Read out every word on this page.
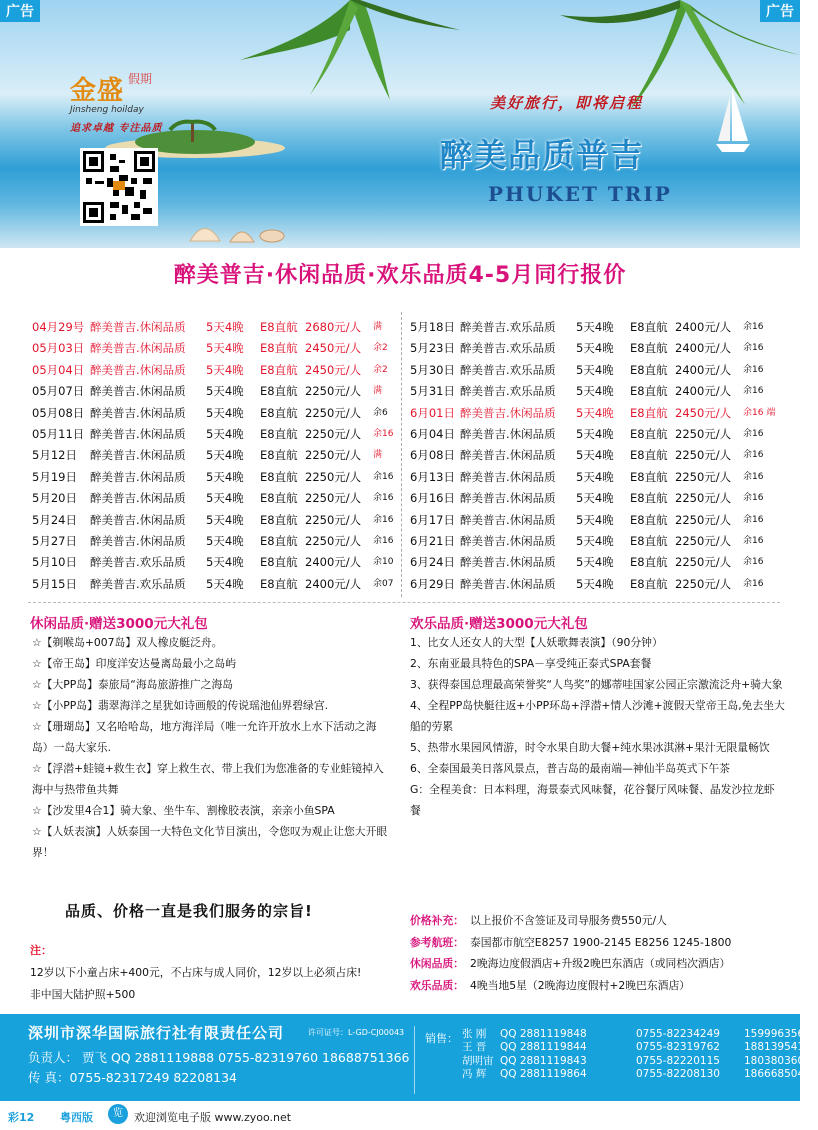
金盛 $^{假期}$
Jinsheng hoilday
追求卓越 专注品质
美好旅行，即将启程
醉美品质普吉
PHUKET TRIP
广告	广告
醉美普吉·休闲品质·欢乐品质4-5月同行报价
04月29号 醉美普吉.休闲品质	5天4晚	E8直航 2680元/人	满
05月03日 醉美普吉.休闲品质	5天4晚	E8直航 2450元/人	余2
05月04日 醉美普吉.休闲品质	5天4晚	E8直航 2450元/人	余2
05月07日 醉美普吉.休闲品质	5天4晚	E8直航 2250元/人	满
05月08日 醉美普吉.休闲品质	5天4晚	E8直航 2250元/人	余6
05月11日 醉美普吉.休闲品质	5天4晚	E8直航 2250元/人	余16
5月12日	醉美普吉.休闲品质	5天4晚	E8直航 2250元/人	满
5月19日	醉美普吉.休闲品质	5天4晚	E8直航 2250元/人	余16
5月20日	醉美普吉.休闲品质	5天4晚	E8直航 2250元/人	余16
5月24日	醉美普吉.休闲品质	5天4晚	E8直航 2250元/人	余16
5月27日	醉美普吉.休闲品质	5天4晚	E8直航 2250元/人	余16
5月10日	醉美普吉.欢乐品质	5天4晚	E8直航 2400元/人	余10
5月15日	醉美普吉.欢乐品质	5天4晚	E8直航 2400元/人	余07
5月18日 醉美普吉.欢乐品质	5天4晚	E8直航 2400元/人	余16
5月23日 醉美普吉.欢乐品质	5天4晚	E8直航 2400元/人	余16
5月30日 醉美普吉.欢乐品质	5天4晚	E8直航 2400元/人	余16
5月31日 醉美普吉.欢乐品质	5天4晚	E8直航 2400元/人	余16
6月01日 醉美普吉.休闲品质	5天4晚	E8直航 2450元/人	余16 端
6月04日 醉美普吉.休闲品质	5天4晚	E8直航 2250元/人	余16
6月08日 醉美普吉.休闲品质	5天4晚	E8直航 2250元/人	余16
6月13日 醉美普吉.休闲品质	5天4晚	E8直航 2250元/人	余16
6月16日 醉美普吉.休闲品质	5天4晚	E8直航 2250元/人	余16
6月17日 醉美普吉.休闲品质	5天4晚	E8直航 2250元/人	余16
6月21日 醉美普吉.休闲品质	5天4晚	E8直航 2250元/人	余16
6月24日 醉美普吉.休闲品质	5天4晚	E8直航 2250元/人	余16
6月29日 醉美普吉.休闲品质	5天4晚	E8直航 2250元/人	余16
休闲品质·赠送3000元大礼包	欢乐品质·赠送3000元大礼包

☆【剃喉岛+007岛】双人橡皮艇泛舟。

☆【帝王岛】印度洋安达曼离岛最小之岛屿

☆【大PP岛】泰旅局“海岛旅游推广之海岛

☆【小PP岛】翡翠海洋之星犹如诗画般的传说瑶池仙界碧绿宫.

☆【珊瑚岛】又名哈哈岛，地方海洋局（唯一允许开放水上水下活动之海岛）一岛大家乐.

☆【浮潜+蛙镜+救生衣】穿上救生衣、带上我们为您准备的专业蛙镜掉入海中与热带鱼共舞

☆【沙发里4合1】骑大象、坐牛车、割橡胶表演，亲亲小鱼SPA

☆【人妖表演】人妖泰国一大特色文化节目演出，令您叹为观止让您大开眼界！

1、比女人还女人的大型【人妖歌舞表演】（90分钟）

2、东南亚最具特色的SPA－享受纯正泰式SPA套餐

3、获得泰国总理最高荣誉奖“人鸟奖”的娜蒂哇国家公园正宗激流泛舟+骑大象

4、全程PP岛快艇往返+小PP环岛+浮潜+情人沙滩+渡假天堂帝王岛,免去坐大船的劳累

5、热带水果园风情游，时令水果自助大餐+纯水果冰淇淋+果汁无限量畅饮

6、全泰国最美日落风景点，普吉岛的最南端—神仙半岛英式下午茶

G：全程美食：日本料理，海景泰式风味餐，花谷餐厅风味餐、晶发沙拉龙虾餐

品质、价格一直是我们服务的宗旨!
注：
12岁以下小童占床+400元，不占床与成人同价，12岁以上必须占床!
非中国大陆护照+500
价格补充： 以上报价不含签证及司导服务费550元/人
参考航班： 泰国都市航空E8257 1900-2145 E8256 1245-1800
休闲品质： 2晚海边度假酒店+升级2晚巴东酒店（或同档次酒店）
欢乐品质： 4晚当地5星（2晚海边度假村+2晚巴东酒店）
深圳市深华国际旅行社有限责任公司	许可证号：L-GD-CJ00043
负责人： 贾飞 QQ 2881119888 0755-82319760 18688751366
传 真：0755-82317249 82208134
销售： 张 刚	QQ 2881119848	0755-82234249	15999635667
王 晋	QQ 2881119844	0755-82319762	18813954171
胡明宙 QQ 2881119843	0755-82220115	18038036070
冯 辉	QQ 2881119864	0755-82208130	18666850403
彩12 粤西版	览	欢迎浏览电子版 www.zyoo.net
